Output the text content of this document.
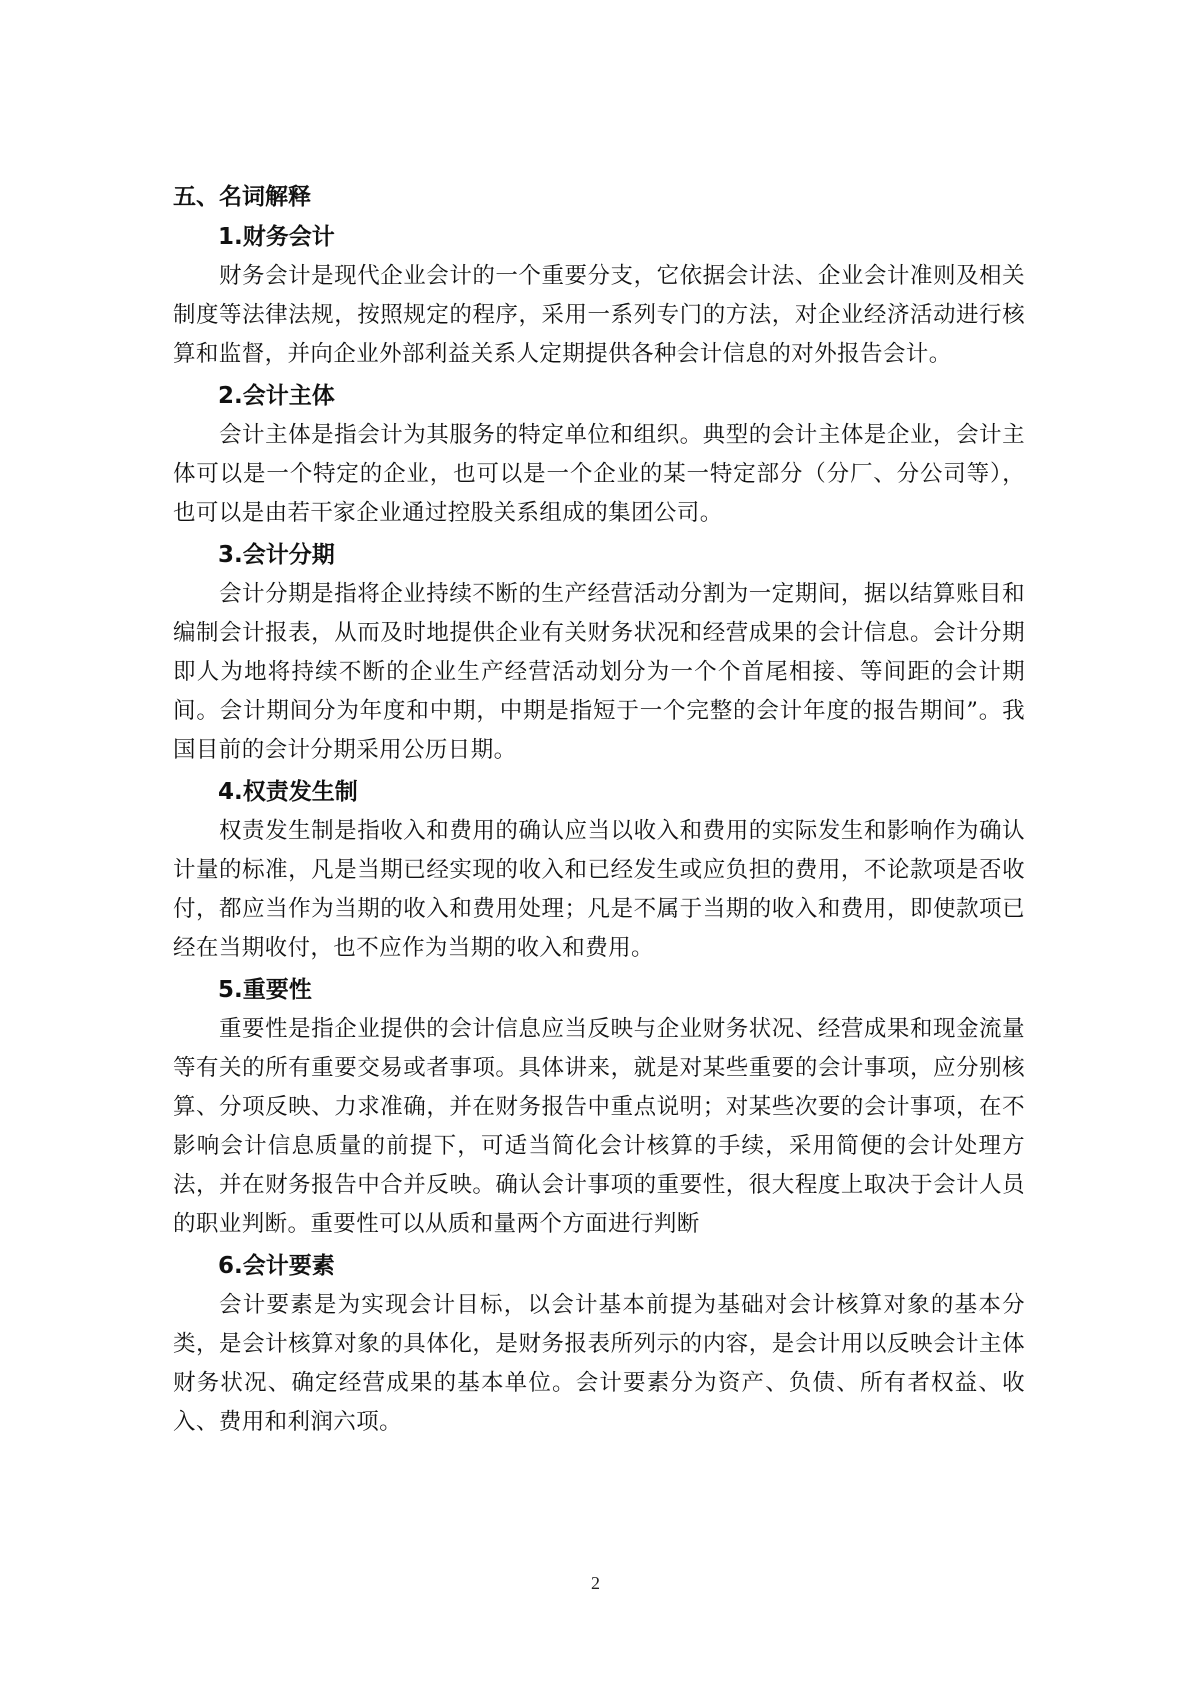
五、名词解释
1.财务会计

财务会计是现代企业会计的一个重要分支，它依据会计法、企业会计准则及相关制度等法律法规，按照规定的程序，采用一系列专门的方法，对企业经济活动进行核算和监督，并向企业外部利益关系人定期提供各种会计信息的对外报告会计。

2.会计主体

会计主体是指会计为其服务的特定单位和组织。典型的会计主体是企业，会计主体可以是一个特定的企业，也可以是一个企业的某一特定部分（分厂、分公司等），也可以是由若干家企业通过控股关系组成的集团公司。

3.会计分期

会计分期是指将企业持续不断的生产经营活动分割为一定期间，据以结算账目和编制会计报表，从而及时地提供企业有关财务状况和经营成果的会计信息。会计分期即人为地将持续不断的企业生产经营活动划分为一个个首尾相接、等间距的会计期间。会计期间分为年度和中期，中期是指短于一个完整的会计年度的报告期间”。我国目前的会计分期采用公历日期。

4.权责发生制

权责发生制是指收入和费用的确认应当以收入和费用的实际发生和影响作为确认计量的标准，凡是当期已经实现的收入和已经发生或应负担的费用，不论款项是否收付，都应当作为当期的收入和费用处理；凡是不属于当期的收入和费用，即使款项已经在当期收付，也不应作为当期的收入和费用。

5.重要性

重要性是指企业提供的会计信息应当反映与企业财务状况、经营成果和现金流量等有关的所有重要交易或者事项。具体讲来，就是对某些重要的会计事项，应分别核算、分项反映、力求准确，并在财务报告中重点说明；对某些次要的会计事项，在不影响会计信息质量的前提下，可适当简化会计核算的手续，采用简便的会计处理方法，并在财务报告中合并反映。确认会计事项的重要性，很大程度上取决于会计人员的职业判断。重要性可以从质和量两个方面进行判断

6.会计要素

会计要素是为实现会计目标，以会计基本前提为基础对会计核算对象的基本分类，是会计核算对象的具体化，是财务报表所列示的内容，是会计用以反映会计主体财务状况、确定经营成果的基本单位。会计要素分为资产、负债、所有者权益、收入、费用和利润六项。

2
